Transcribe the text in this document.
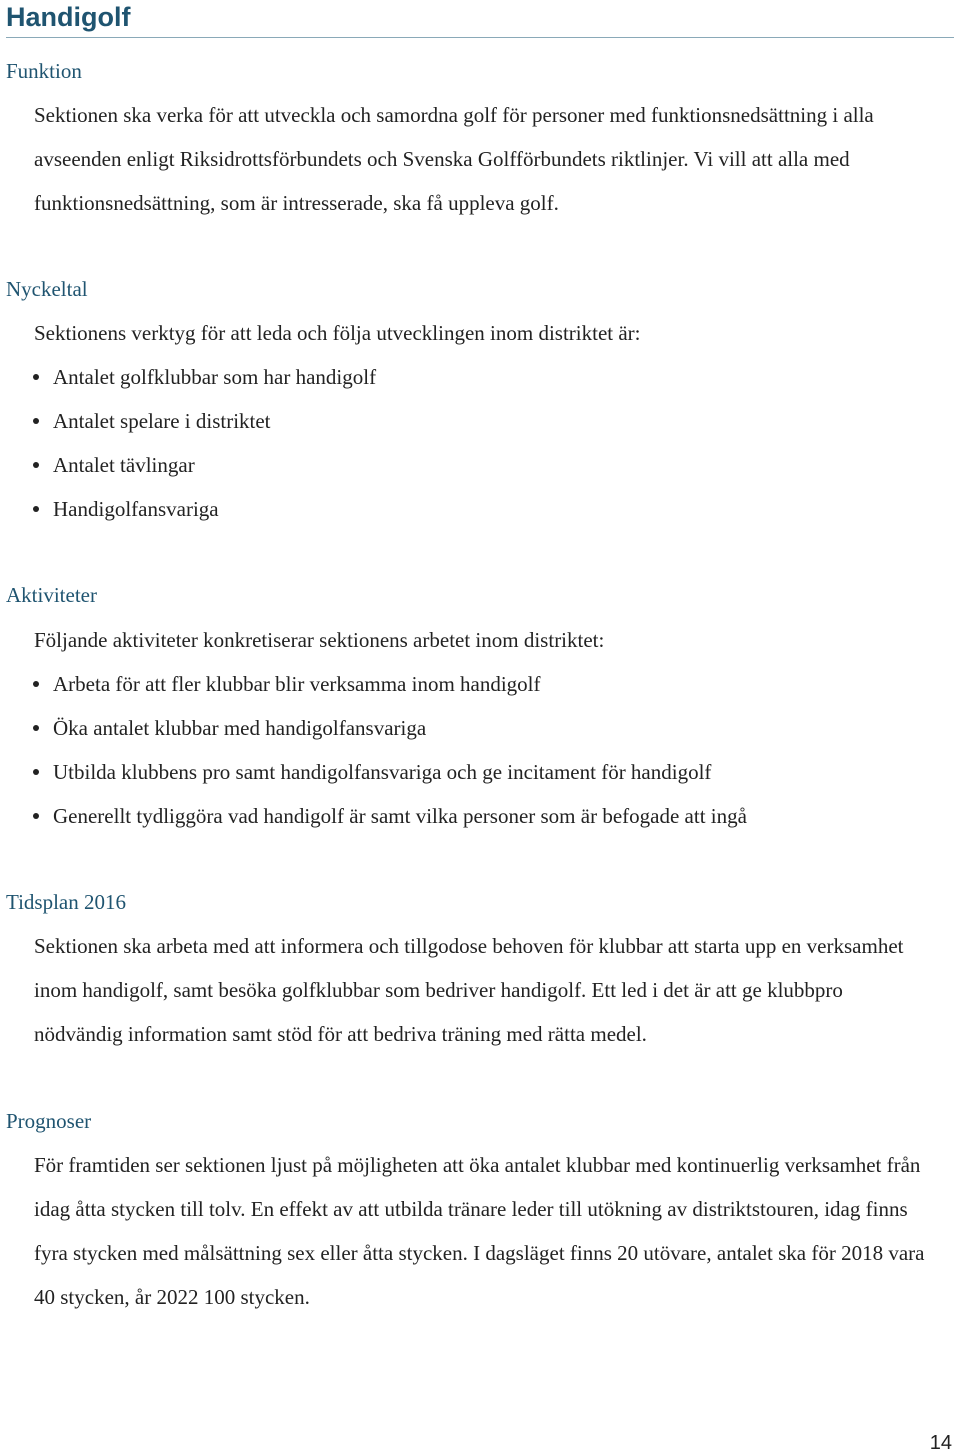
Handigolf
Funktion

Sektionen ska verka för att utveckla och samordna golf för personer med funktionsnedsättning i alla avseenden enligt Riksidrottsförbundets och Svenska Golfförbundets riktlinjer. Vi vill att alla med funktionsnedsättning, som är intresserade, ska få uppleva golf.

Nyckeltal

Sektionens verktyg för att leda och följa utvecklingen inom distriktet är:

Antalet golfklubbar som har handigolf
Antalet spelare i distriktet
Antalet tävlingar
Handigolfansvariga
Aktiviteter

Följande aktiviteter konkretiserar sektionens arbetet inom distriktet:

Arbeta för att fler klubbar blir verksamma inom handigolf
Öka antalet klubbar med handigolfansvariga
Utbilda klubbens pro samt handigolfansvariga och ge incitament för handigolf
Generellt tydliggöra vad handigolf är samt vilka personer som är befogade att ingå
Tidsplan 2016

Sektionen ska arbeta med att informera och tillgodose behoven för klubbar att starta upp en verksamhet inom handigolf, samt besöka golfklubbar som bedriver handigolf. Ett led i det är att ge klubbpro nödvändig information samt stöd för att bedriva träning med rätta medel.

Prognoser

För framtiden ser sektionen ljust på möjligheten att öka antalet klubbar med kontinuerlig verksamhet från idag åtta stycken till tolv. En effekt av att utbilda tränare leder till utökning av distriktstouren, idag finns fyra stycken med målsättning sex eller åtta stycken. I dagsläget finns 20 utövare, antalet ska för 2018 vara 40 stycken, år 2022 100 stycken.

14
